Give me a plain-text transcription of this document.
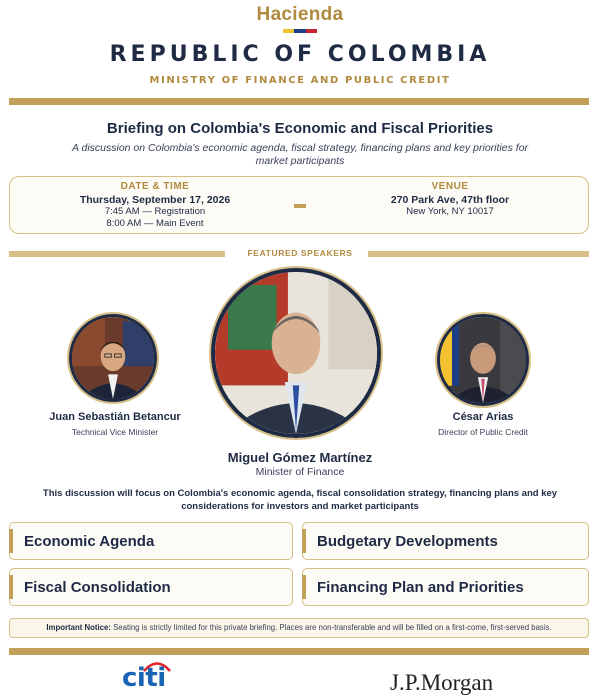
Hacienda
REPUBLIC OF COLOMBIA
MINISTRY OF FINANCE AND PUBLIC CREDIT
Briefing on Colombia's Economic and Fiscal Priorities
A discussion on Colombia's economic agenda, fiscal strategy, financing plans and key priorities for market participants
DATE & TIME
Thursday, September 17, 2026
7:45 AM — Registration
8:00 AM — Main Event
VENUE
270 Park Ave, 47th floor
New York, NY 10017
FEATURED SPEAKERS
Juan Sebastián Betancur
Technical Vice Minister
César Arias
Director of Public Credit
Miguel Gómez Martínez
Minister of Finance
This discussion will focus on Colombia's economic agenda, fiscal consolidation strategy, financing plans and key considerations for investors and market participants
Economic Agenda	Budgetary Developments
Fiscal Consolidation	Financing Plan and Priorities
Important Notice: Seating is strictly limited for this private briefing. Places are non-transferable and will be filled on a first-come, first-served basis.
citi	J.P.Morgan
